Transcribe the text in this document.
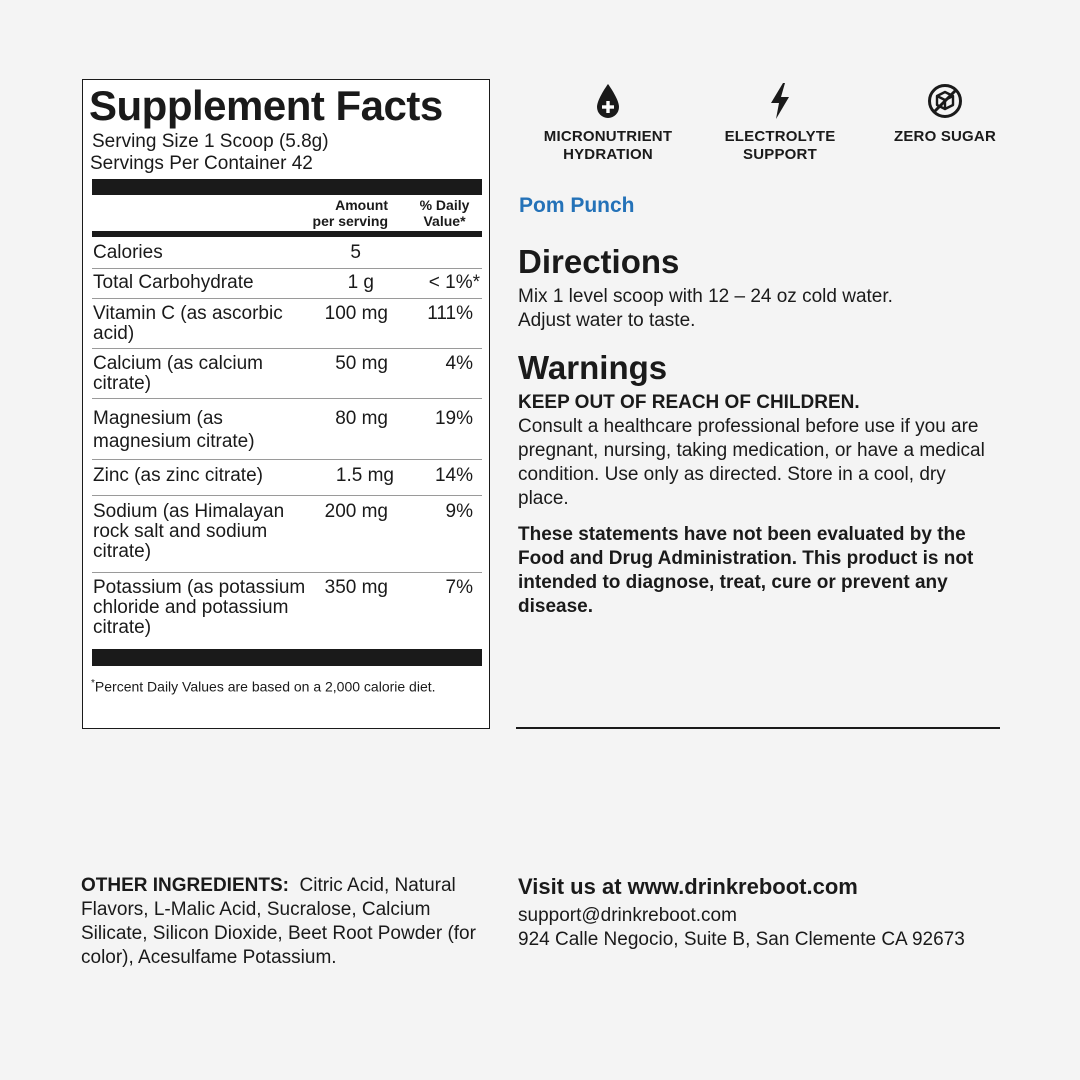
Supplement Facts
Serving Size 1 Scoop (5.8g)
Servings Per Container 42
Amount
per serving
% Daily
Value*
Calories	5
Total Carbohydrate	1 g	< 1%*
Vitamin C (as ascorbic acid)
100 mg 111%
Calcium (as calcium citrate)
50 mg	4%
Magnesium (as magnesium citrate)
80 mg 19%
Zinc (as zinc citrate)	1.5 mg 14%
Sodium (as Himalayan rock salt and sodium citrate)
200 mg	9%
Potassium (as potassium chloride and potassium citrate)
350 mg	7%
*Percent Daily Values are based on a 2,000 calorie diet.
MICRONUTRIENT
HYDRATION
ELECTROLYTE
SUPPORT
ZERO SUGAR
Pom Punch
Directions
Mix 1 level scoop with 12 – 24 oz cold water.
Adjust water to taste.
Warnings
KEEP OUT OF REACH OF CHILDREN.
Consult a healthcare professional before use if you are pregnant, nursing, taking medication, or have a medical condition. Use only as directed. Store in a cool, dry place.
These statements have not been evaluated by the Food and Drug Administration. This product is not intended to diagnose, treat, cure or prevent any disease.
OTHER INGREDIENTS: Citric Acid, Natural Flavors, L-Malic Acid, Sucralose, Calcium Silicate, Silicon Dioxide, Beet Root Powder (for color), Acesulfame Potassium.
Visit us at www.drinkreboot.com
support@drinkreboot.com
924 Calle Negocio, Suite B, San Clemente CA 92673
